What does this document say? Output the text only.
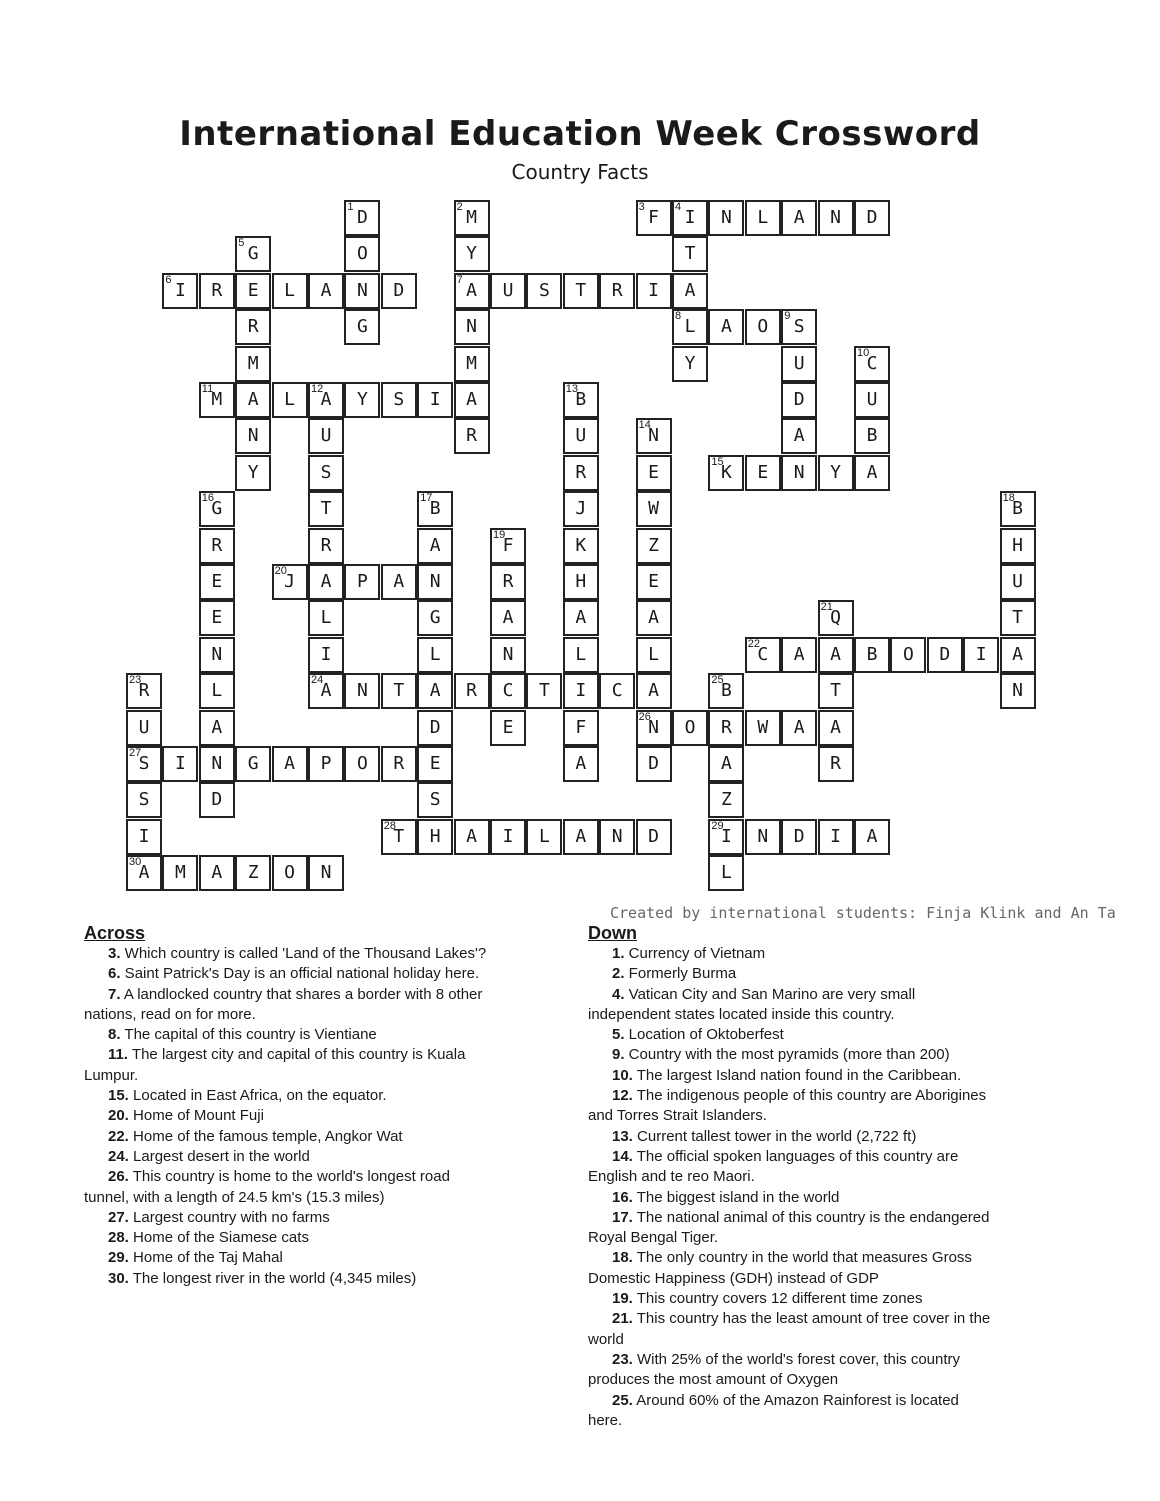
International Education Week Crossword
Country Facts
1 D
O
N
G
2 M
Y
7 A
N
M
A
R
3 F	4 I	N	L	A	N	D
T
A
8 L
Y
5 G
E
R
M
A
N
Y
6 I	R	L	A	D	U	S	T	R	I
A	O	9 S
U
D
A
N
10
C
U
B
A
11
M	L	12
A	Y	S	I
U
S
T
R
A
L
I
24
A
13
B
U
R
J
K
H
A
L
I
F
A
14
N
E
W
Z
E
A
L
A
26
N
D
15
K	E	Y
16
G
R
E
E
N
L
A
N
D
17
B
A
N
G
L
A
D
E
S
18
B
H
U
T
A
N
19
F
R
A
N
C
E
20
J	P	A
21
Q
A
T
A
R
22
C	A	B	O	D	I
23
R
U
27
S
S
I
30
A
N	T	R	T	C	25
B
R
A
Z
29
I
L
O	W	A
I	G	A	P	O	R
28
T	H	A	I	L	A	N	D	N	D	I	A
M	A	Z	O	N
Created by international students: Finja Klink and An Ta
Across
3. Which country is called 'Land of the Thousand Lakes'?
6. Saint Patrick's Day is an official national holiday here.
7. A landlocked country that shares a border with 8 other
nations, read on for more.
8. The capital of this country is Vientiane
11. The largest city and capital of this country is Kuala
Lumpur.
15. Located in East Africa, on the equator.
20. Home of Mount Fuji
22. Home of the famous temple, Angkor Wat
24. Largest desert in the world
26. This country is home to the world's longest road
tunnel, with a length of 24.5 km's (15.3 miles)
27. Largest country with no farms
28. Home of the Siamese cats
29. Home of the Taj Mahal
30. The longest river in the world (4,345 miles)
Down
1. Currency of Vietnam
2. Formerly Burma
4. Vatican City and San Marino are very small
independent states located inside this country.
5. Location of Oktoberfest
9. Country with the most pyramids (more than 200)
10. The largest Island nation found in the Caribbean.
12. The indigenous people of this country are Aborigines
and Torres Strait Islanders.
13. Current tallest tower in the world (2,722 ft)
14. The official spoken languages of this country are
English and te reo Maori.
16. The biggest island in the world
17. The national animal of this country is the endangered
Royal Bengal Tiger.
18. The only country in the world that measures Gross
Domestic Happiness (GDH) instead of GDP
19. This country covers 12 different time zones
21. This country has the least amount of tree cover in the
world
23. With 25% of the world's forest cover, this country
produces the most amount of Oxygen
25. Around 60% of the Amazon Rainforest is located
here.
